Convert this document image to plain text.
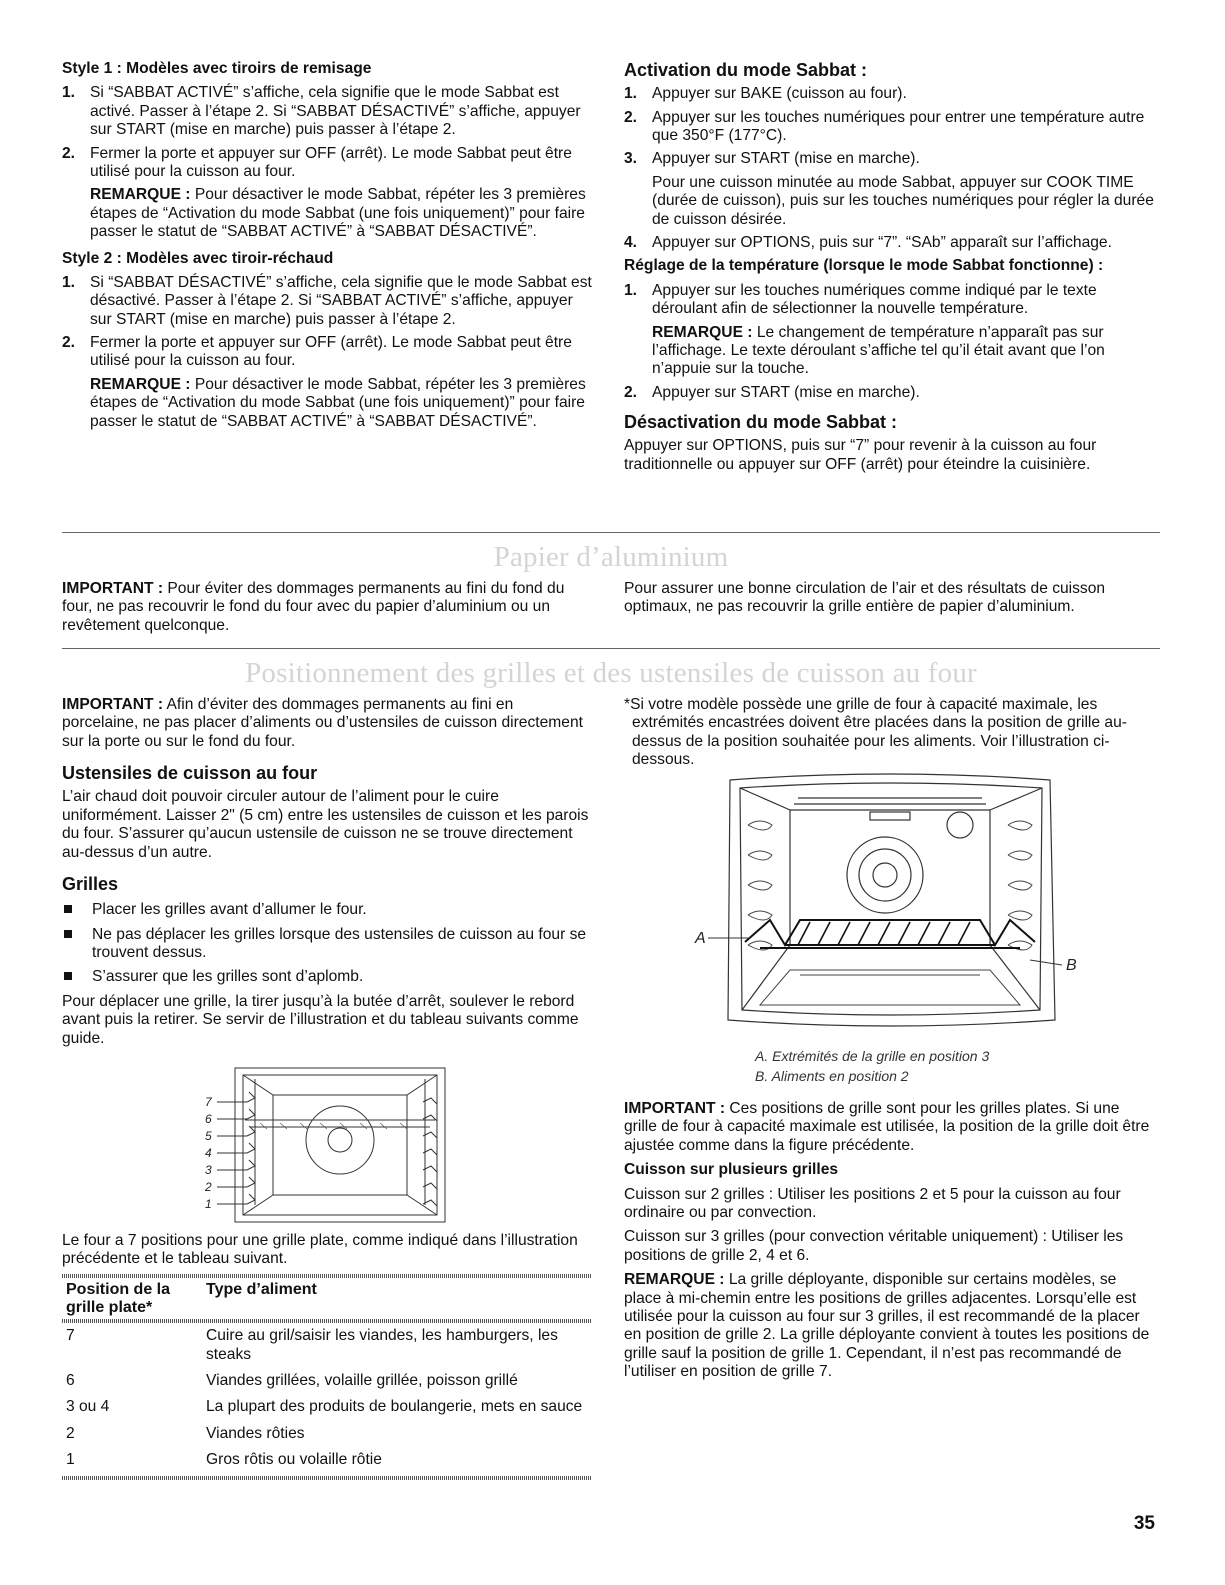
Style 1 : Modèles avec tiroirs de remisage
1. Si “SABBAT ACTIVÉ” s’affiche, cela signifie que le mode Sabbat est activé. Passer à l’étape 2. Si “SABBAT DÉSACTIVÉ” s’affiche, appuyer sur START (mise en marche) puis passer à l’étape 2.
2. Fermer la porte et appuyer sur OFF (arrêt). Le mode Sabbat peut être utilisé pour la cuisson au four.

REMARQUE : Pour désactiver le mode Sabbat, répéter les 3 premières étapes de “Activation du mode Sabbat (une fois uniquement)” pour faire passer le statut de “SABBAT ACTIVÉ” à “SABBAT DÉSACTIVÉ”.

Style 2 : Modèles avec tiroir-réchaud
1. Si “SABBAT DÉSACTIVÉ” s’affiche, cela signifie que le mode Sabbat est désactivé. Passer à l’étape 2. Si “SABBAT ACTIVÉ” s’affiche, appuyer sur START (mise en marche) puis passer à l’étape 2.
2. Fermer la porte et appuyer sur OFF (arrêt). Le mode Sabbat peut être utilisé pour la cuisson au four.

REMARQUE : Pour désactiver le mode Sabbat, répéter les 3 premières étapes de “Activation du mode Sabbat (une fois uniquement)” pour faire passer le statut de “SABBAT ACTIVÉ” à “SABBAT DÉSACTIVÉ”.

Activation du mode Sabbat :
1. Appuyer sur BAKE (cuisson au four).
2. Appuyer sur les touches numériques pour entrer une température autre que 350°F (177°C).
3. Appuyer sur START (mise en marche).

Pour une cuisson minutée au mode Sabbat, appuyer sur COOK TIME (durée de cuisson), puis sur les touches numériques pour régler la durée de cuisson désirée.

4. Appuyer sur OPTIONS, puis sur “7”. “SAb” apparaît sur l’affichage.
Réglage de la température (lorsque le mode Sabbat fonctionne) :
1. Appuyer sur les touches numériques comme indiqué par le texte déroulant afin de sélectionner la nouvelle température.

REMARQUE : Le changement de température n’apparaît pas sur l’affichage. Le texte déroulant s’affiche tel qu’il était avant que l’on n’appuie sur la touche.

2. Appuyer sur START (mise en marche).
Désactivation du mode Sabbat :

Appuyer sur OPTIONS, puis sur “7” pour revenir à la cuisson au four traditionnelle ou appuyer sur OFF (arrêt) pour éteindre la cuisinière.

Papier d’aluminium

IMPORTANT : Pour éviter des dommages permanents au fini du fond du four, ne pas recouvrir le fond du four avec du papier d’aluminium ou un revêtement quelconque.

Pour assurer une bonne circulation de l’air et des résultats de cuisson optimaux, ne pas recouvrir la grille entière de papier d’aluminium.

Positionnement des grilles et des ustensiles de cuisson au four

IMPORTANT : Afin d’éviter des dommages permanents au fini en porcelaine, ne pas placer d’aliments ou d’ustensiles de cuisson directement sur la porte ou sur le fond du four.

Ustensiles de cuisson au four

L’air chaud doit pouvoir circuler autour de l’aliment pour le cuire uniformément. Laisser 2" (5 cm) entre les ustensiles de cuisson et les parois du four. S’assurer qu’aucun ustensile de cuisson ne se trouve directement au-dessus d’un autre.

Grilles
Placer les grilles avant d’allumer le four.
Ne pas déplacer les grilles lorsque des ustensiles de cuisson au four se trouvent dessus.
S’assurer que les grilles sont d’aplomb.

Pour déplacer une grille, la tirer jusqu’à la butée d’arrêt, soulever le rebord avant puis la retirer. Se servir de l’illustration et du tableau suivants comme guide.

7
6
5
4
3
2
1

Le four a 7 positions pour une grille plate, comme indiqué dans l’illustration précédente et le tableau suivant.

Position de la grille plate*	Type d’aliment
7	Cuire au gril/saisir les viandes, les hamburgers, les steaks
6	Viandes grillées, volaille grillée, poisson grillé
3 ou 4	La plupart des produits de boulangerie, mets en sauce
2	Viandes rôties
1	Gros rôtis ou volaille rôtie

*Si votre modèle possède une grille de four à capacité maximale, les extrémités encastrées doivent être placées dans la position de grille au-dessus de la position souhaitée pour les aliments. Voir l’illustration ci-dessous.

A
B

A. Extrémités de la grille en position 3

B. Aliments en position 2

IMPORTANT : Ces positions de grille sont pour les grilles plates. Si une grille de four à capacité maximale est utilisée, la position de la grille doit être ajustée comme dans la figure précédente.

Cuisson sur plusieurs grilles

Cuisson sur 2 grilles : Utiliser les positions 2 et 5 pour la cuisson au four ordinaire ou par convection.

Cuisson sur 3 grilles (pour convection véritable uniquement) : Utiliser les positions de grille 2, 4 et 6.

REMARQUE : La grille déployante, disponible sur certains modèles, se place à mi-chemin entre les positions de grilles adjacentes. Lorsqu’elle est utilisée pour la cuisson au four sur 3 grilles, il est recommandé de la placer en position de grille 2. La grille déployante convient à toutes les positions de grille sauf la position de grille 1. Cependant, il n’est pas recommandé de l’utiliser en position de grille 7.

35
